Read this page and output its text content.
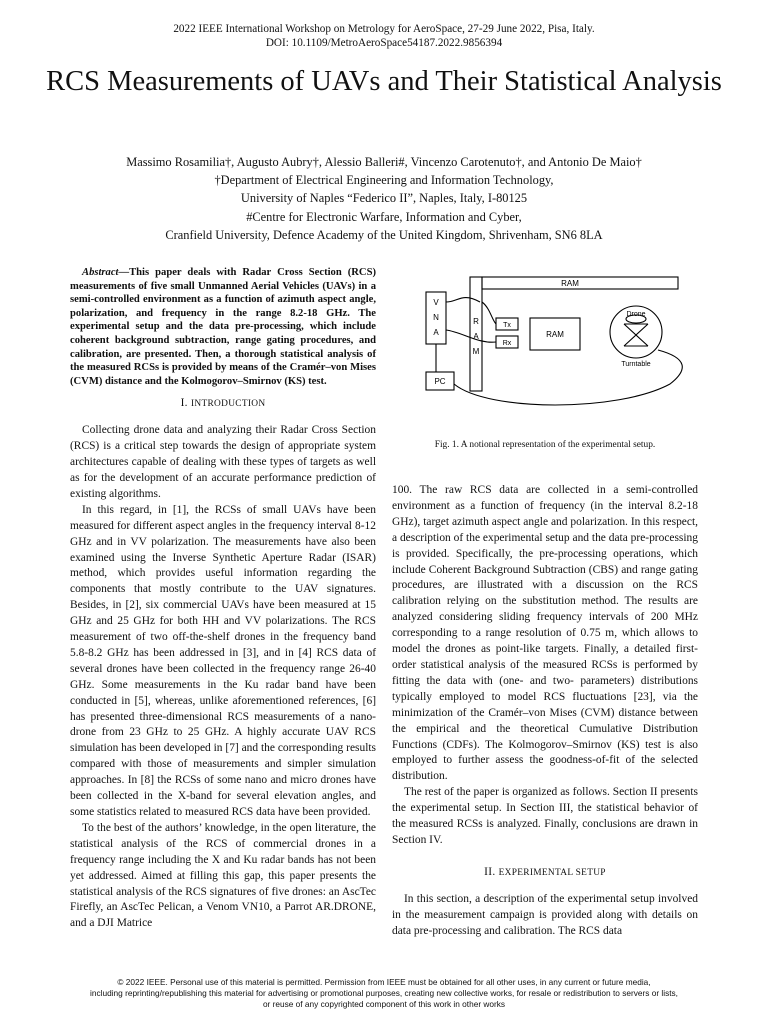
2022 IEEE International Workshop on Metrology for AeroSpace, 27-29 June 2022, Pisa, Italy.
DOI: 10.1109/MetroAeroSpace54187.2022.9856394
RCS Measurements of UAVs and Their Statistical Analysis
Massimo Rosamilia†, Augusto Aubry†, Alessio Balleri#, Vincenzo Carotenuto†, and Antonio De Maio†
†Department of Electrical Engineering and Information Technology,
University of Naples “Federico II”, Naples, Italy, I-80125
#Centre for Electronic Warfare, Information and Cyber,
Cranfield University, Defence Academy of the United Kingdom, Shrivenham, SN6 8LA

Abstract—This paper deals with Radar Cross Section (RCS) measurements of five small Unmanned Aerial Vehicles (UAVs) in a semi-controlled environment as a function of azimuth aspect angle, polarization, and frequency in the range 8.2-18 GHz. The experimental setup and the data pre-processing, which include coherent background subtraction, range gating procedures, and calibration, are presented. Then, a thorough statistical analysis of the measured RCSs is provided by means of the Cramér–von Mises (CVM) distance and the Kolmogorov–Smirnov (KS) test.

I. INTRODUCTION

Collecting drone data and analyzing their Radar Cross Section (RCS) is a critical step towards the design of appropriate system architectures capable of dealing with these types of targets as well as for the development of an accurate performance prediction of existing algorithms.

In this regard, in [1], the RCSs of small UAVs have been measured for different aspect angles in the frequency interval 8-12 GHz and in VV polarization. The measurements have also been examined using the Inverse Synthetic Aperture Radar (ISAR) method, which provides useful information regarding the components that mostly contribute to the UAV signatures. Besides, in [2], six commercial UAVs have been measured at 15 GHz and 25 GHz for both HH and VV polarizations. The RCS measurement of two off-the-shelf drones in the frequency band 5.8-8.2 GHz has been addressed in [3], and in [4] RCS data of several drones have been collected in the frequency range 26-40 GHz. Some measurements in the Ku radar band have been conducted in [5], whereas, unlike aforementioned references, [6] has presented three-dimensional RCS measurements of a nano-drone from 23 GHz to 25 GHz. A highly accurate UAV RCS simulation has been developed in [7] and the corresponding results compared with those of measurements and simpler simulation approaches. In [8] the RCSs of some nano and micro drones have been collected in the X-band for several elevation angles, and some statistics related to measured RCS data have been provided.

To the best of the authors’ knowledge, in the open literature, the statistical analysis of the RCS of commercial drones in a frequency range including the X and Ku radar bands has not been yet addressed. Aimed at filling this gap, this paper presents the statistical analysis of the RCS signatures of five drones: an AscTec Firefly, an AscTec Pelican, a Venom VN10, a Parrot AR.DRONE, and a DJI Matrice

RAM
V
N
A
R
A
M
Tx
Rx
RAM
Drone
Turntable
PC
Fig. 1. A notional representation of the experimental setup.

100. The raw RCS data are collected in a semi-controlled environment as a function of frequency (in the interval 8.2-18 GHz), target azimuth aspect angle and polarization. In this respect, a description of the experimental setup and the data pre-processing is provided. Specifically, the pre-processing operations, which include Coherent Background Subtraction (CBS) and range gating procedures, are illustrated with a discussion on the RCS calibration relying on the substitution method. The results are analyzed considering sliding frequency intervals of 200 MHz corresponding to a range resolution of 0.75 m, which allows to model the drones as point-like targets. Finally, a detailed first-order statistical analysis of the measured RCSs is performed by fitting the data with (one- and two- parameters) distributions typically employed to model RCS fluctuations [23], via the minimization of the Cramér–von Mises (CVM) distance between the empirical and the theoretical Cumulative Distribution Functions (CDFs). The Kolmogorov–Smirnov (KS) test is also employed to further assess the goodness-of-fit of the selected distribution.

The rest of the paper is organized as follows. Section II presents the experimental setup. In Section III, the statistical behavior of the measured RCSs is analyzed. Finally, conclusions are drawn in Section IV.

II. EXPERIMENTAL SETUP

In this section, a description of the experimental setup involved in the measurement campaign is provided along with details on data pre-processing and calibration. The RCS data

© 2022 IEEE. Personal use of this material is permitted. Permission from IEEE must be obtained for all other uses, in any current or future media,
including reprinting/republishing this material for advertising or promotional purposes, creating new collective works, for resale or redistribution to servers or lists,
or reuse of any copyrighted component of this work in other works
